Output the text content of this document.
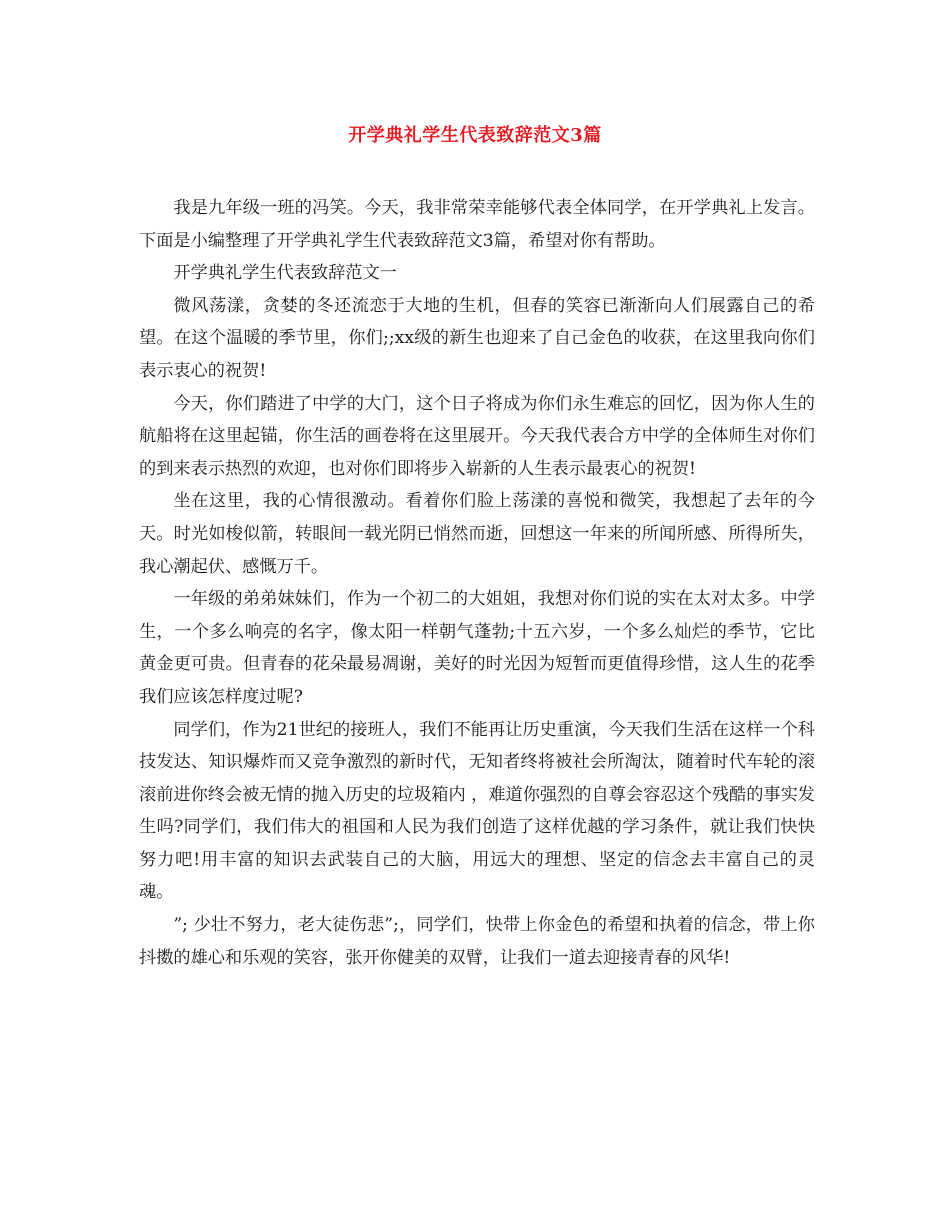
开学典礼学生代表致辞范文3篇

我是九年级一班的冯笑。今天，我非常荣幸能够代表全体同学，在开学典礼上发言。下面是小编整理了开学典礼学生代表致辞范文3篇，希望对你有帮助。

开学典礼学生代表致辞范文一

微风荡漾，贪婪的冬还流恋于大地的生机，但春的笑容已渐渐向人们展露自己的希望。在这个温暖的季节里，你们;;xx级的新生也迎来了自己金色的收获，在这里我向你们表示衷心的祝贺!

今天，你们踏进了中学的大门，这个日子将成为你们永生难忘的回忆，因为你人生的航船将在这里起锚，你生活的画卷将在这里展开。今天我代表合方中学的全体师生对你们的到来表示热烈的欢迎，也对你们即将步入崭新的人生表示最衷心的祝贺!

坐在这里，我的心情很激动。看着你们脸上荡漾的喜悦和微笑，我想起了去年的今天。时光如梭似箭，转眼间一载光阴已悄然而逝，回想这一年来的所闻所感、所得所失，我心潮起伏、感慨万千。

一年级的弟弟妹妹们，作为一个初二的大姐姐，我想对你们说的实在太对太多。中学生，一个多么响亮的名字，像太阳一样朝气蓬勃;十五六岁，一个多么灿烂的季节，它比黄金更可贵。但青春的花朵最易凋谢，美好的时光因为短暂而更值得珍惜，这人生的花季我们应该怎样度过呢?

同学们，作为21世纪的接班人，我们不能再让历史重演，今天我们生活在这样一个科技发达、知识爆炸而又竞争激烈的新时代，无知者终将被社会所淘汰，随着时代车轮的滚滚前进你终会被无情的抛入历史的垃圾箱内 ，难道你强烈的自尊会容忍这个残酷的事实发生吗?同学们，我们伟大的祖国和人民为我们创造了这样优越的学习条件，就让我们快快努力吧!用丰富的知识去武装自己的大脑，用远大的理想、坚定的信念去丰富自己的灵魂。

”; 少壮不努力，老大徒伤悲”;，同学们，快带上你金色的希望和执着的信念，带上你抖擞的雄心和乐观的笑容，张开你健美的双臂，让我们一道去迎接青春的风华!
